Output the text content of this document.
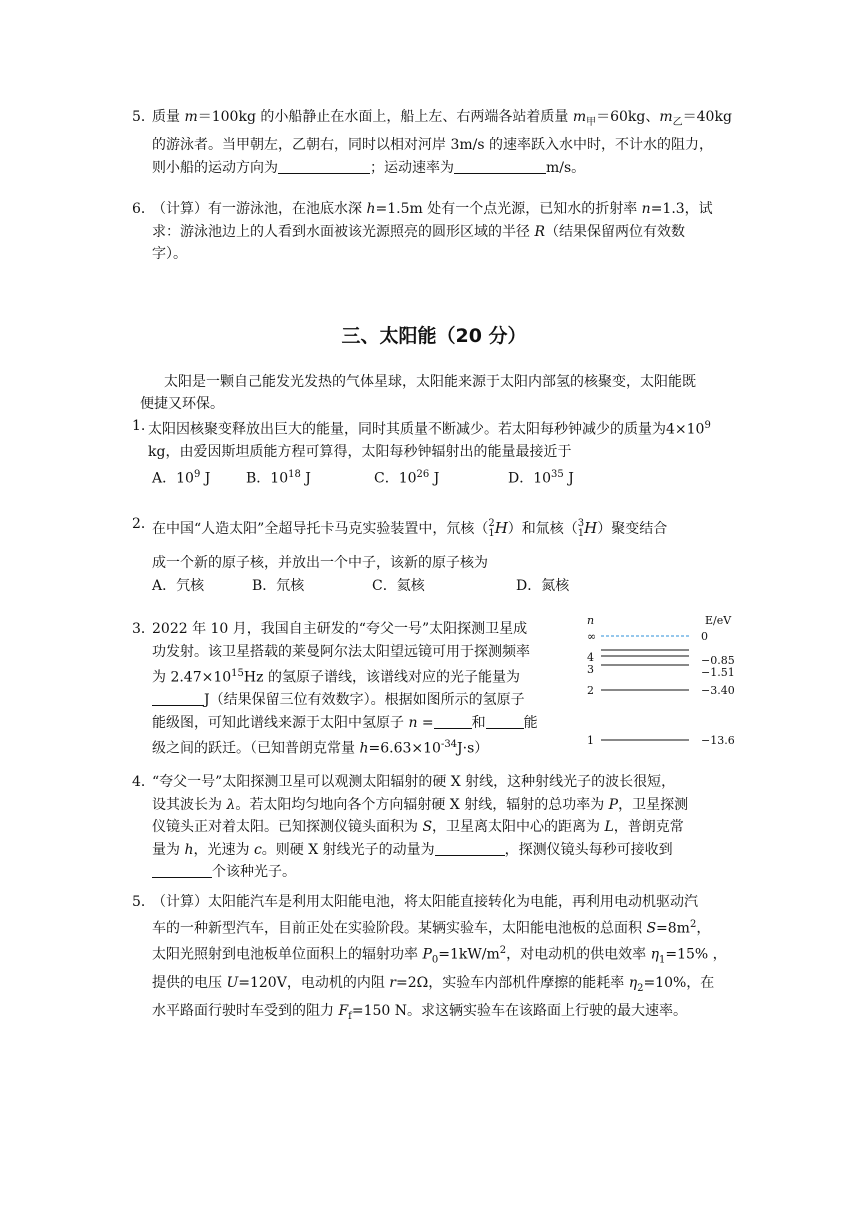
5．
质量 m＝100kg 的小船静止在水面上，船上左、右两端各站着质量 $m_甲=60kg$、$m_乙=40kg$
的游泳者。当甲朝左，乙朝右，同时以相对河岸 3m/s 的速率跃入水中时，不计水的阻力，
则小船的运动方向为	；运动速率为	m/s。
6．
（计算）有一游泳池，在池底水深 h=1.5m 处有一个点光源，已知水的折射率 n=1.3，试
求：游泳池边上的人看到水面被该光源照亮的圆形区域的半径 R（结果保留两位有效数
字）。
三、太阳能（20 分）
太阳是一颗自己能发光发热的气体星球，太阳能来源于太阳内部氢的核聚变，太阳能既
便捷又环保。
1. 太阳因核聚变释放出巨大的能量，同时其质量不断减少。若太阳每秒钟减少的质量为$4\times 10^9$
kg，由爱因斯坦质能方程可算得，太阳每秒钟辐射出的能量最接近于
A．$10^9$ J	B．$10^{18}$ J	C．$10^{26}$ J	D．$10^{35}$ J
2．
在中国“人造太阳”全超导托卡马克实验装置中，氘核（ 2
1 H）和氚核（ 3
1 H）聚变结合
成一个新的原子核，并放出一个中子，该新的原子核为
A．氕核	B．氘核	C．氦核	D．氮核
3．
2022 年 10 月，我国自主研发的“夸父一号”太阳探测卫星成
功发射。该卫星搭载的莱曼阿尔法太阳望远镜可用于探测频率
为 $2.47\times 10^{15}Hz$ 的氢原子谱线，该谱线对应的光子能量为
J（结果保留三位有效数字）。根据如图所示的氢原子
能级图，可知此谱线来源于太阳中氢原子 n =	和	能
级之间的跃迁。（已知普朗克常量 $h=6.63\times 10^{-34}J\cdot s$）
n	E/eV
∞	0
4	−0.85
3	−1.51
2	−3.40
1	−13.6
4．
“夸父一号”太阳探测卫星可以观测太阳辐射的硬 X 射线，这种射线光子的波长很短，
设其波长为 λ。若太阳均匀地向各个方向辐射硬 X 射线，辐射的总功率为 P，卫星探测
仪镜头正对着太阳。已知探测仪镜头面积为 S，卫星离太阳中心的距离为 L，普朗克常
量为 h，光速为 c。则硬 X 射线光子的动量为	，探测仪镜头每秒可接收到
个该种光子。
5．
（计算）太阳能汽车是利用太阳能电池，将太阳能直接转化为电能，再利用电动机驱动汽
车的一种新型汽车，目前正处在实验阶段。某辆实验车，太阳能电池板的总面积 $S=8m^2$，
太阳光照射到电池板单位面积上的辐射功率 $P_0=1kW/m^2$，对电动机的供电效率 $\eta_1=15\%$ ，
提供的电压 U=120V，电动机的内阻 r=2Ω，实验车内部机件摩擦的能耗率 $\eta_2=10\%$，在
水平路面行驶时车受到的阻力 $F_f=150$ N。求这辆实验车在该路面上行驶的最大速率。
